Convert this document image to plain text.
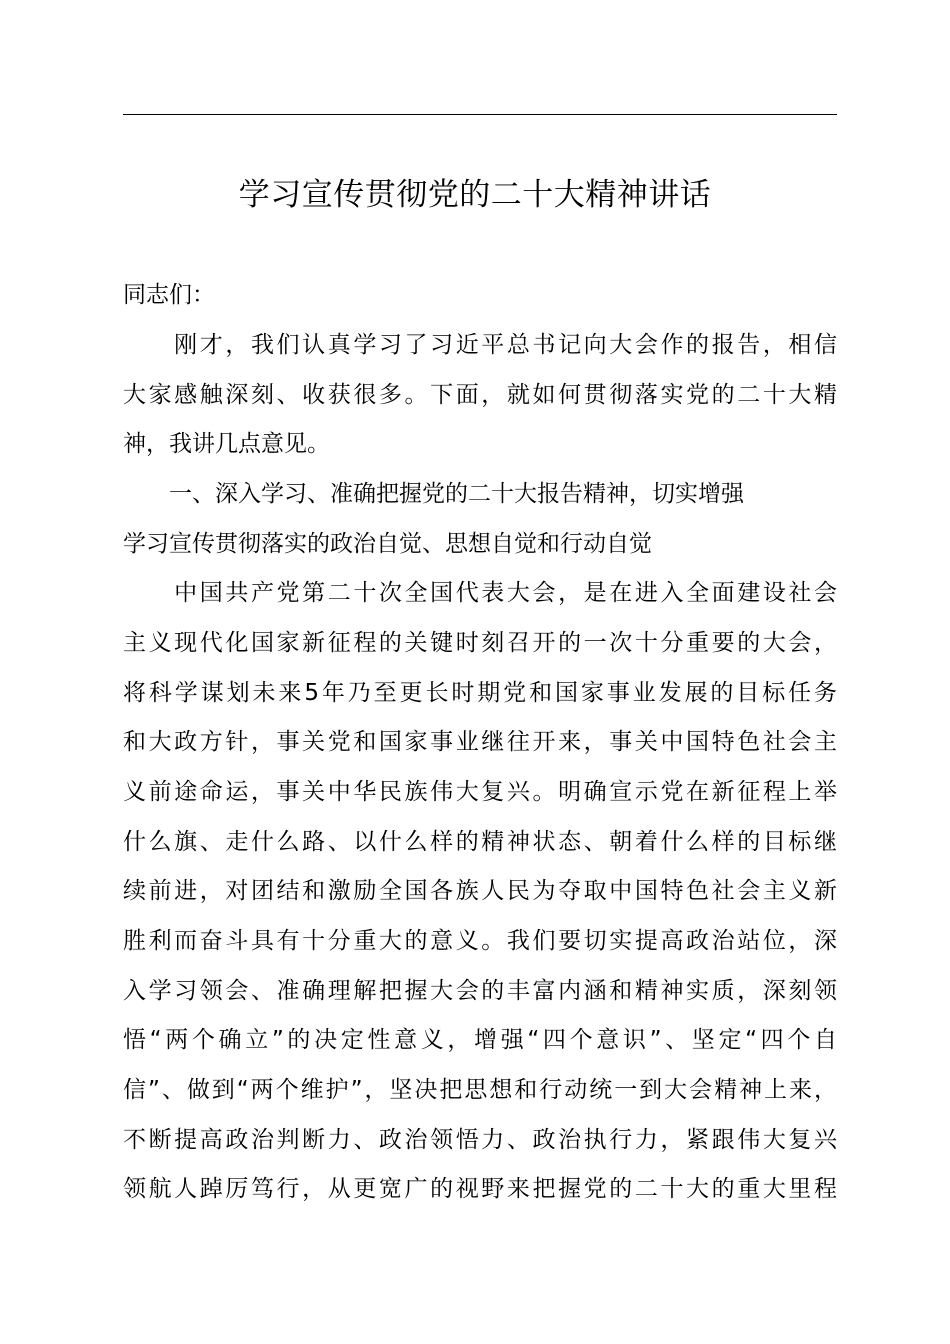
学习宣传贯彻党的二十大精神讲话
同志们：
　　刚才，我们认真学习了习近平总书记向大会作的报告，相信
大家感触深刻、收获很多。下面，就如何贯彻落实党的二十大精
神，我讲几点意见。
　　一、深入学习、准确把握党的二十大报告精神，切实增强
学习宣传贯彻落实的政治自觉、思想自觉和行动自觉
　　中国共产党第二十次全国代表大会，是在进入全面建设社会
主义现代化国家新征程的关键时刻召开的一次十分重要的大会，
将科学谋划未来5年乃至更长时期党和国家事业发展的目标任务
和大政方针，事关党和国家事业继往开来，事关中国特色社会主
义前途命运，事关中华民族伟大复兴。明确宣示党在新征程上举
什么旗、走什么路、以什么样的精神状态、朝着什么样的目标继
续前进，对团结和激励全国各族人民为夺取中国特色社会主义新
胜利而奋斗具有十分重大的意义。我们要切实提高政治站位，深
入学习领会、准确理解把握大会的丰富内涵和精神实质，深刻领
悟“两个确立”的决定性意义，增强“四个意识”、坚定“四个自
信”、做到“两个维护”，坚决把思想和行动统一到大会精神上来，
不断提高政治判断力、政治领悟力、政治执行力，紧跟伟大复兴
领航人踔厉笃行，从更宽广的视野来把握党的二十大的重大里程
